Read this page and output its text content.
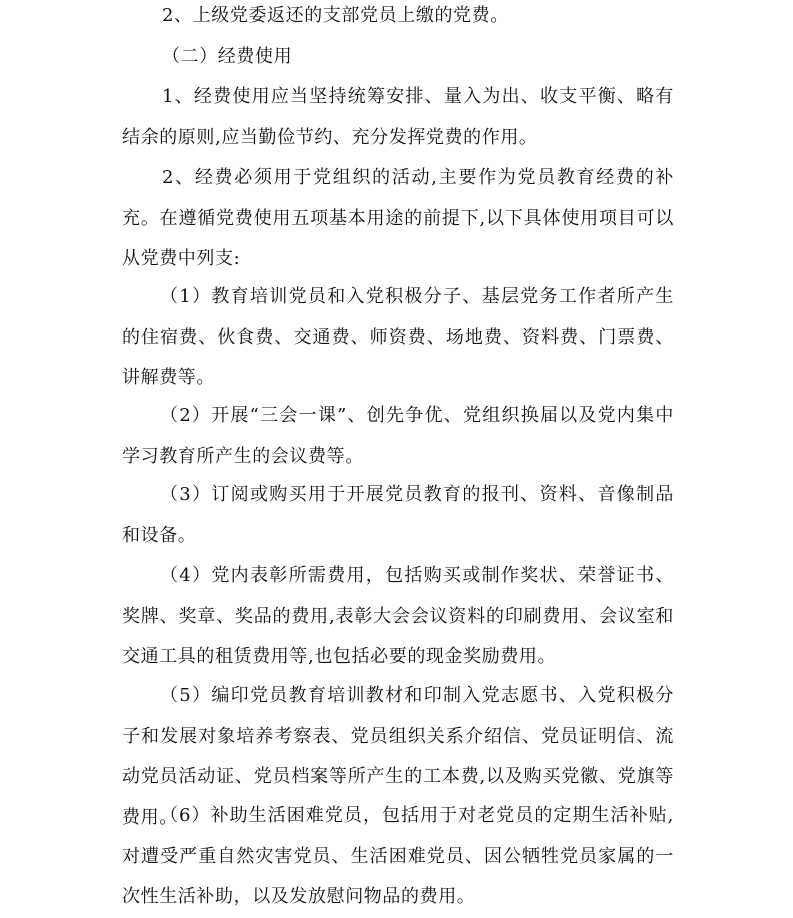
2、上级党委返还的支部党员上缴的党费。

（二）经费使用

1、经费使用应当坚持统筹安排、量入为出、收支平衡、略有结余的原则,应当勤俭节约、充分发挥党费的作用。

2、经费必须用于党组织的活动,主要作为党员教育经费的补充。在遵循党费使用五项基本用途的前提下,以下具体使用项目可以从党费中列支:

（1）教育培训党员和入党积极分子、基层党务工作者所产生的住宿费、伙食费、交通费、师资费、场地费、资料费、门票费、讲解费等。

（2）开展“三会一课”、创先争优、党组织换届以及党内集中学习教育所产生的会议费等。

（3）订阅或购买用于开展党员教育的报刊、资料、音像制品和设备。

（4）党内表彰所需费用，包括购买或制作奖状、荣誉证书、奖牌、奖章、奖品的费用,表彰大会会议资料的印刷费用、会议室和交通工具的租赁费用等,也包括必要的现金奖励费用。

（5）编印党员教育培训教材和印制入党志愿书、入党积极分子和发展对象培养考察表、党员组织关系介绍信、党员证明信、流动党员活动证、党员档案等所产生的工本费,以及购买党徽、党旗等费用。

（6）补助生活困难党员，包括用于对老党员的定期生活补贴,对遭受严重自然灾害党员、生活困难党员、因公牺牲党员家属的一次性生活补助，以及发放慰问物品的费用。
